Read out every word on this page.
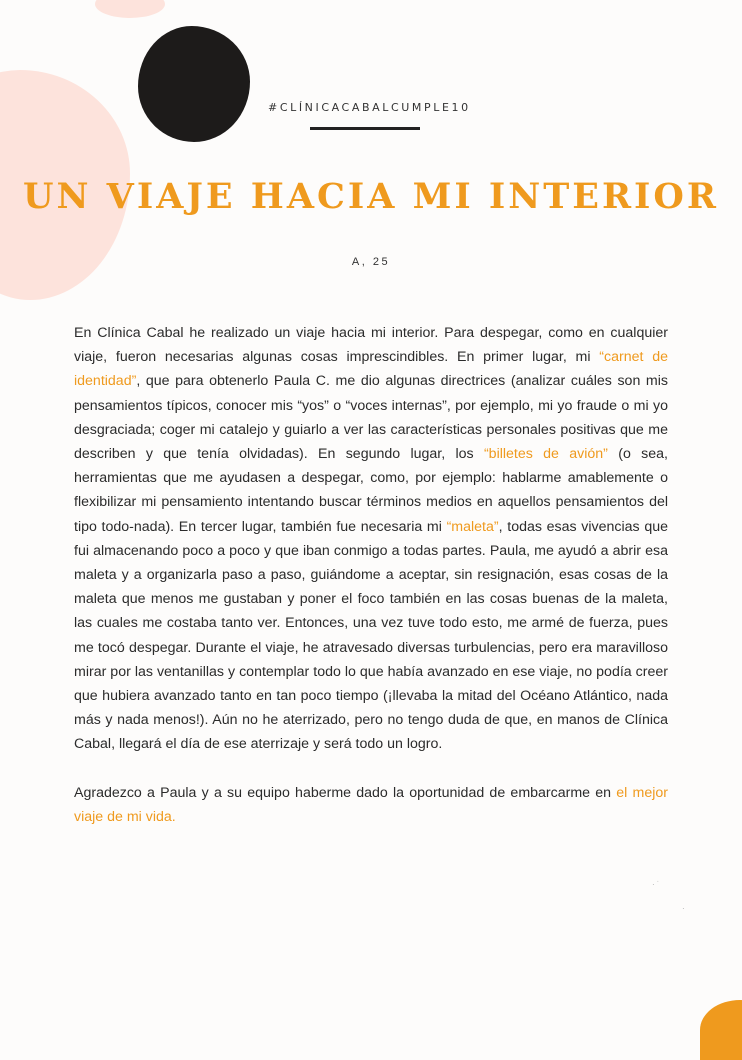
#CLÍNICACABALCUMPLE10
UN VIAJE HACIA MI INTERIOR
A, 25

En Clínica Cabal he realizado un viaje hacia mi interior. Para despegar, como en cualquier viaje, fueron necesarias algunas cosas imprescindibles. En primer lugar, mi “carnet de identidad”, que para obtenerlo Paula C. me dio algunas directrices (analizar cuáles son mis pensamientos típicos, conocer mis “yos” o “voces internas”, por ejemplo, mi yo fraude o mi yo desgraciada; coger mi catalejo y guiarlo a ver las características personales positivas que me describen y que tenía olvidadas). En segundo lugar, los “billetes de avión” (o sea, herramientas que me ayudasen a despegar, como, por ejemplo: hablarme amablemente o flexibilizar mi pensamiento intentando buscar términos medios en aquellos pensamientos del tipo todo-nada). En tercer lugar, también fue necesaria mi “maleta”, todas esas vivencias que fui almacenando poco a poco y que iban conmigo a todas partes. Paula, me ayudó a abrir esa maleta y a organizarla paso a paso, guiándome a aceptar, sin resignación, esas cosas de la maleta que menos me gustaban y poner el foco también en las cosas buenas de la maleta, las cuales me costaba tanto ver. Entonces, una vez tuve todo esto, me armé de fuerza, pues me tocó despegar. Durante el viaje, he atravesado diversas turbulencias, pero era maravilloso mirar por las ventanillas y contemplar todo lo que había avanzado en ese viaje, no podía creer que hubiera avanzado tanto en tan poco tiempo (¡llevaba la mitad del Océano Atlántico, nada más y nada menos!). Aún no he aterrizado, pero no tengo duda de que, en manos de Clínica Cabal, llegará el día de ese aterrizaje y será todo un logro.

Agradezco a Paula y a su equipo haberme dado la oportunidad de embarcarme en el mejor viaje de mi vida.

· ˙
·
